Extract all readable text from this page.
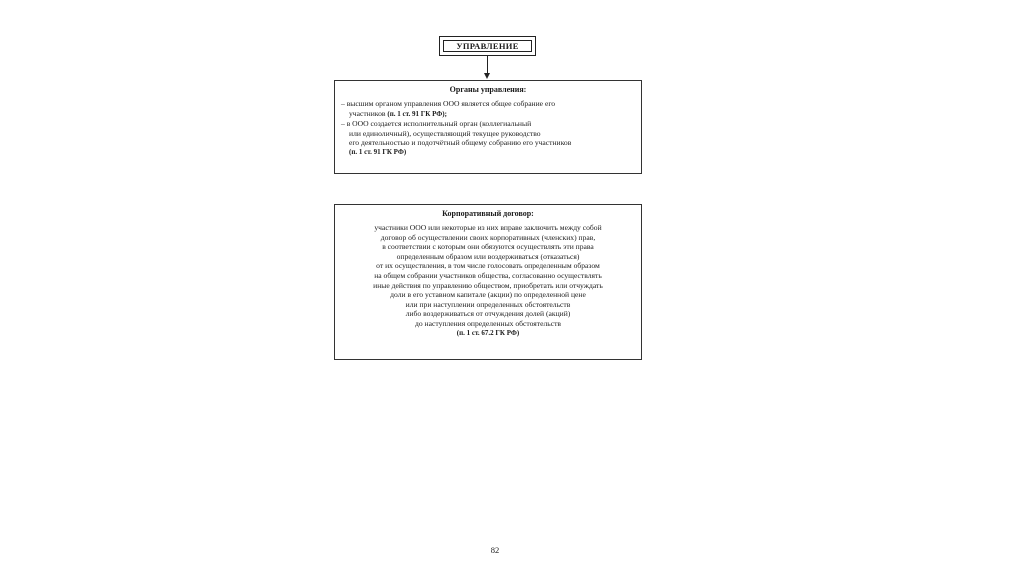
УПРАВЛЕНИЕ
Органы управления:
– высшим органом управления ООО является общее собрание его
участников (п. 1 ст. 91 ГК РФ);
– в ООО создается исполнительный орган (коллегиальный
или единоличный), осуществляющий текущее руководство
его деятельностью и подотчётный общему собранию его участников
(п. 1 ст. 91 ГК РФ)
Корпоративный договор:
участники ООО или некоторые из них вправе заключить между собой
договор об осуществлении своих корпоративных (членских) прав,
в соответствии с которым они обязуются осуществлять эти права
определенным образом или воздерживаться (отказаться)
от их осуществления, в том числе голосовать определенным образом
на общем собрании участников общества, согласованно осуществлять
иные действия по управлению обществом, приобретать или отчуждать
доли в его уставном капитале (акции) по определенной цене
или при наступлении определенных обстоятельств
либо воздерживаться от отчуждения долей (акций)
до наступления определенных обстоятельств
(п. 1 ст. 67.2 ГК РФ)
82
